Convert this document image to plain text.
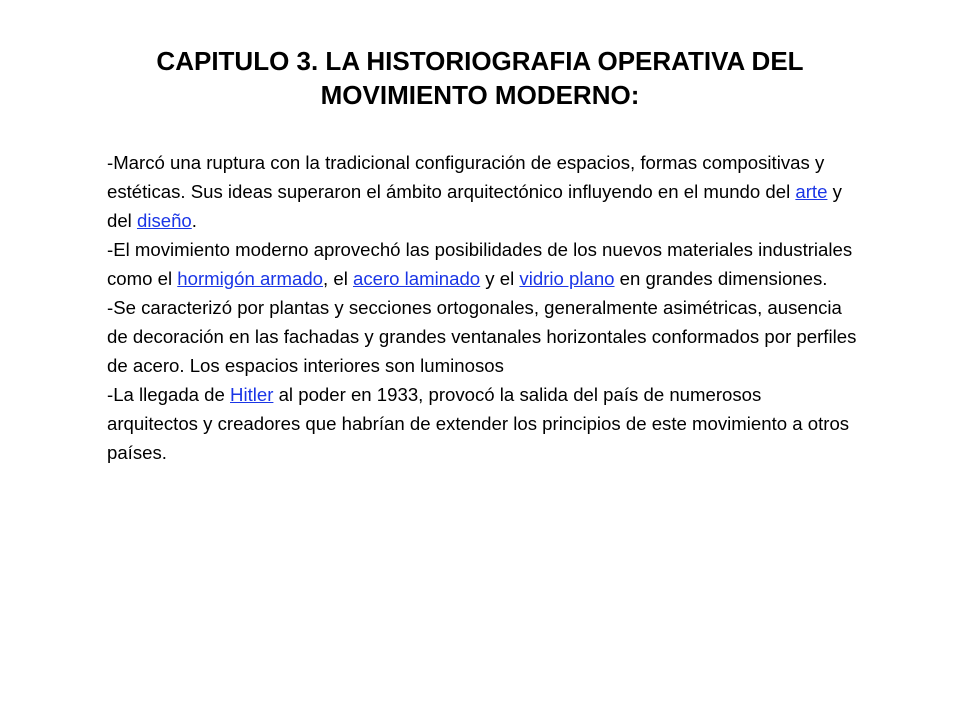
CAPITULO 3. LA HISTORIOGRAFIA OPERATIVA DEL
MOVIMIENTO MODERNO:

-Marcó una ruptura con la tradicional configuración de espacios, formas compositivas y estéticas. Sus ideas superaron el ámbito arquitectónico influyendo en el mundo del arte y del diseño.

-El movimiento moderno aprovechó las posibilidades de los nuevos materiales industriales como el hormigón armado, el acero laminado y el vidrio plano en grandes dimensiones.

-Se caracterizó por plantas y secciones ortogonales, generalmente asimétricas, ausencia de decoración en las fachadas y grandes ventanales horizontales conformados por perfiles de acero. Los espacios interiores son luminosos

-La llegada de Hitler al poder en 1933, provocó la salida del país de numerosos arquitectos y creadores que habrían de extender los principios de este movimiento a otros países.
